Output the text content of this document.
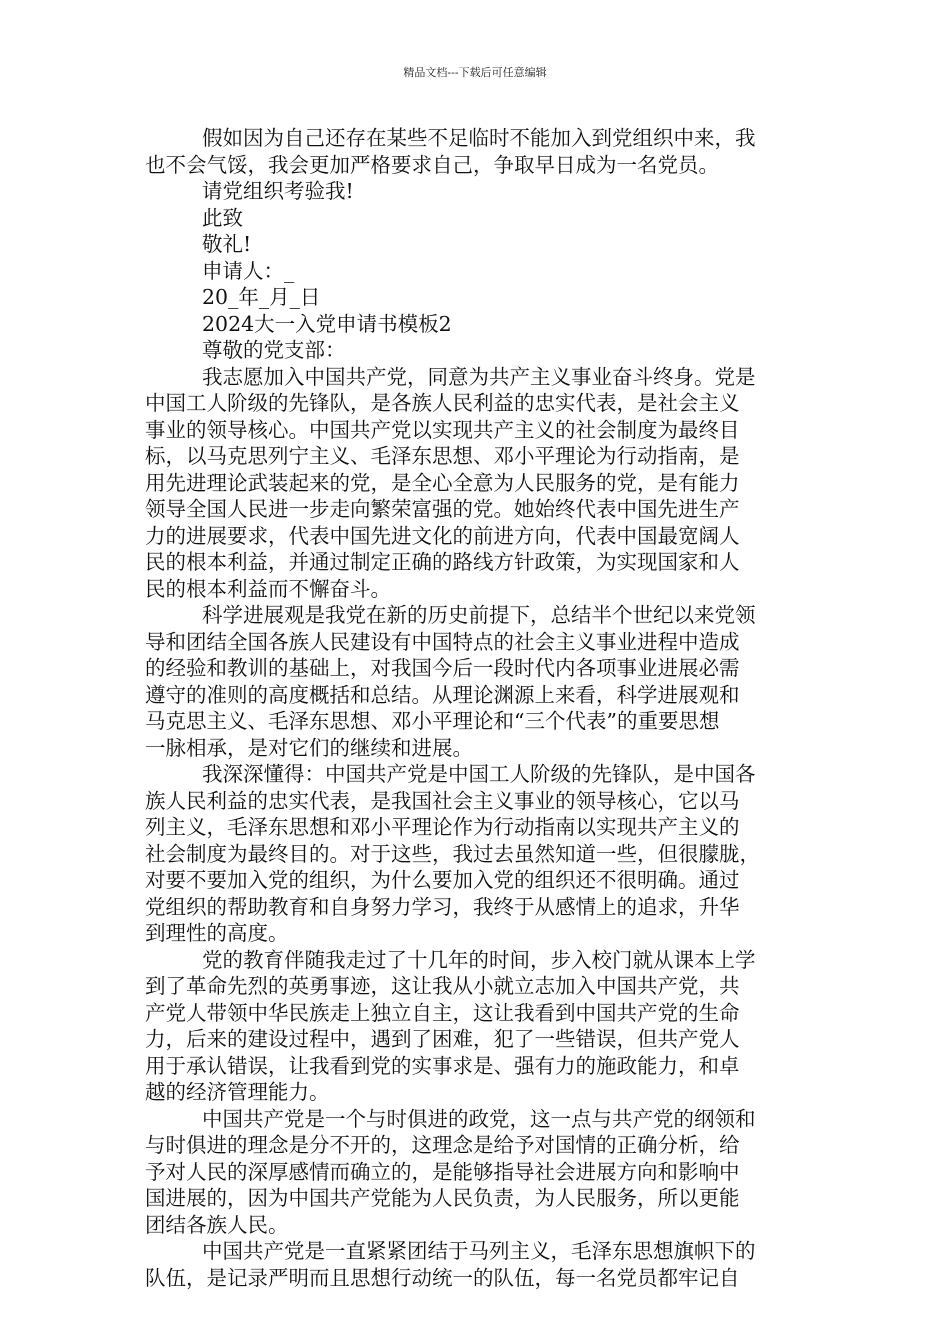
精品文档---下载后可任意编辑
假如因为自己还存在某些不足临时不能加入到党组织中来，我
也不会气馁，我会更加严格要求自己，争取早日成为一名党员。
请党组织考验我!
此致
敬礼!
申请人：_
20_年_月_日
2024大一入党申请书模板2
尊敬的党支部：
我志愿加入中国共产党，同意为共产主义事业奋斗终身。党是
中国工人阶级的先锋队，是各族人民利益的忠实代表，是社会主义
事业的领导核心。中国共产党以实现共产主义的社会制度为最终目
标，以马克思列宁主义、毛泽东思想、邓小平理论为行动指南，是
用先进理论武装起来的党，是全心全意为人民服务的党，是有能力
领导全国人民进一步走向繁荣富强的党。她始终代表中国先进生产
力的进展要求，代表中国先进文化的前进方向，代表中国最宽阔人
民的根本利益，并通过制定正确的路线方针政策，为实现国家和人
民的根本利益而不懈奋斗。
科学进展观是我党在新的历史前提下，总结半个世纪以来党领
导和团结全国各族人民建设有中国特点的社会主义事业进程中造成
的经验和教训的基础上，对我国今后一段时代内各项事业进展必需
遵守的准则的高度概括和总结。从理论渊源上来看，科学进展观和
马克思主义、毛泽东思想、邓小平理论和“三个代表”的重要思想
一脉相承，是对它们的继续和进展。
我深深懂得：中国共产党是中国工人阶级的先锋队，是中国各
族人民利益的忠实代表，是我国社会主义事业的领导核心，它以马
列主义，毛泽东思想和邓小平理论作为行动指南以实现共产主义的
社会制度为最终目的。对于这些，我过去虽然知道一些，但很朦胧，
对要不要加入党的组织，为什么要加入党的组织还不很明确。通过
党组织的帮助教育和自身努力学习，我终于从感情上的追求，升华
到理性的高度。
党的教育伴随我走过了十几年的时间，步入校门就从课本上学
到了革命先烈的英勇事迹，这让我从小就立志加入中国共产党，共
产党人带领中华民族走上独立自主，这让我看到中国共产党的生命
力，后来的建设过程中，遇到了困难，犯了一些错误，但共产党人
用于承认错误，让我看到党的实事求是、强有力的施政能力，和卓
越的经济管理能力。
中国共产党是一个与时俱进的政党，这一点与共产党的纲领和
与时俱进的理念是分不开的，这理念是给予对国情的正确分析，给
予对人民的深厚感情而确立的，是能够指导社会进展方向和影响中
国进展的，因为中国共产党能为人民负责，为人民服务，所以更能
团结各族人民。
中国共产党是一直紧紧团结于马列主义，毛泽东思想旗帜下的
队伍，是记录严明而且思想行动统一的队伍，每一名党员都牢记自
